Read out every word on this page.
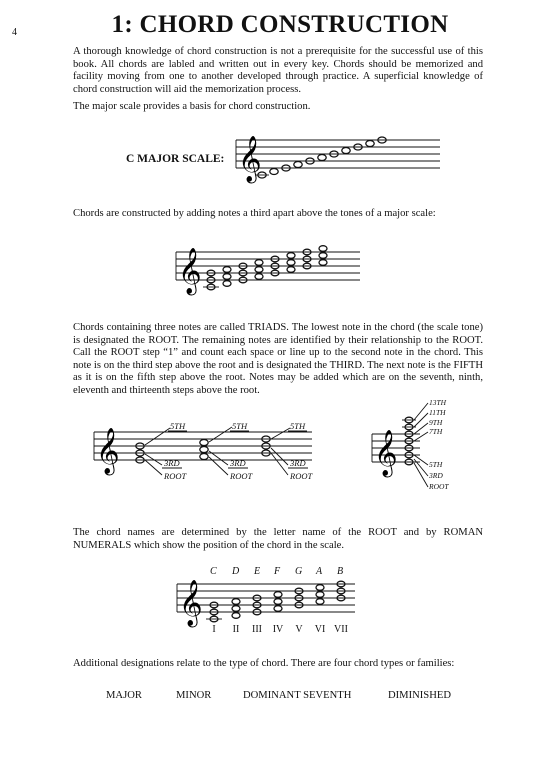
4	1: CHORD CONSTRUCTION

A thorough knowledge of chord construction is not a prerequisite for the successful use of this book. All chords are labled and written out in every key. Chords should be memorized and facility moving from one to another developed through practice. A superficial knowledge of chord construction will aid the memorization process.

The major scale provides a basis for chord construction.

C MAJOR SCALE: 𝄞

Chords are constructed by adding notes a third apart above the tones of a major scale:

𝄞

Chords containing three notes are called TRIADS. The lowest note in the chord (the scale tone) is designated the ROOT. The remaining notes are identified by their relationship to the ROOT. Call the ROOT step “1” and count each space or line up to the second note in the chord. This note is on the third step above the root and is designated the THIRD. The next note is the FIFTH as it is on the fifth step above the root. Notes may be added which are on the seventh, ninth, eleventh and thirteenth steps above the root.

𝄞
5TH	5TH	5TH
3RD	3RD	3RD
ROOT	ROOT	ROOT
𝄞
13TH
11TH
9TH
7TH
5TH
3RD
ROOT

The chord names are determined by the letter name of the ROOT and by ROMAN NUMERALS which show the position of the chord in the scale.

C D E F G A B
𝄞
I II III IV V VI VII

Additional designations relate to the type of chord. There are four chord types or families:

MAJOR	MINOR	DOMINANT SEVENTH	DIMINISHED
